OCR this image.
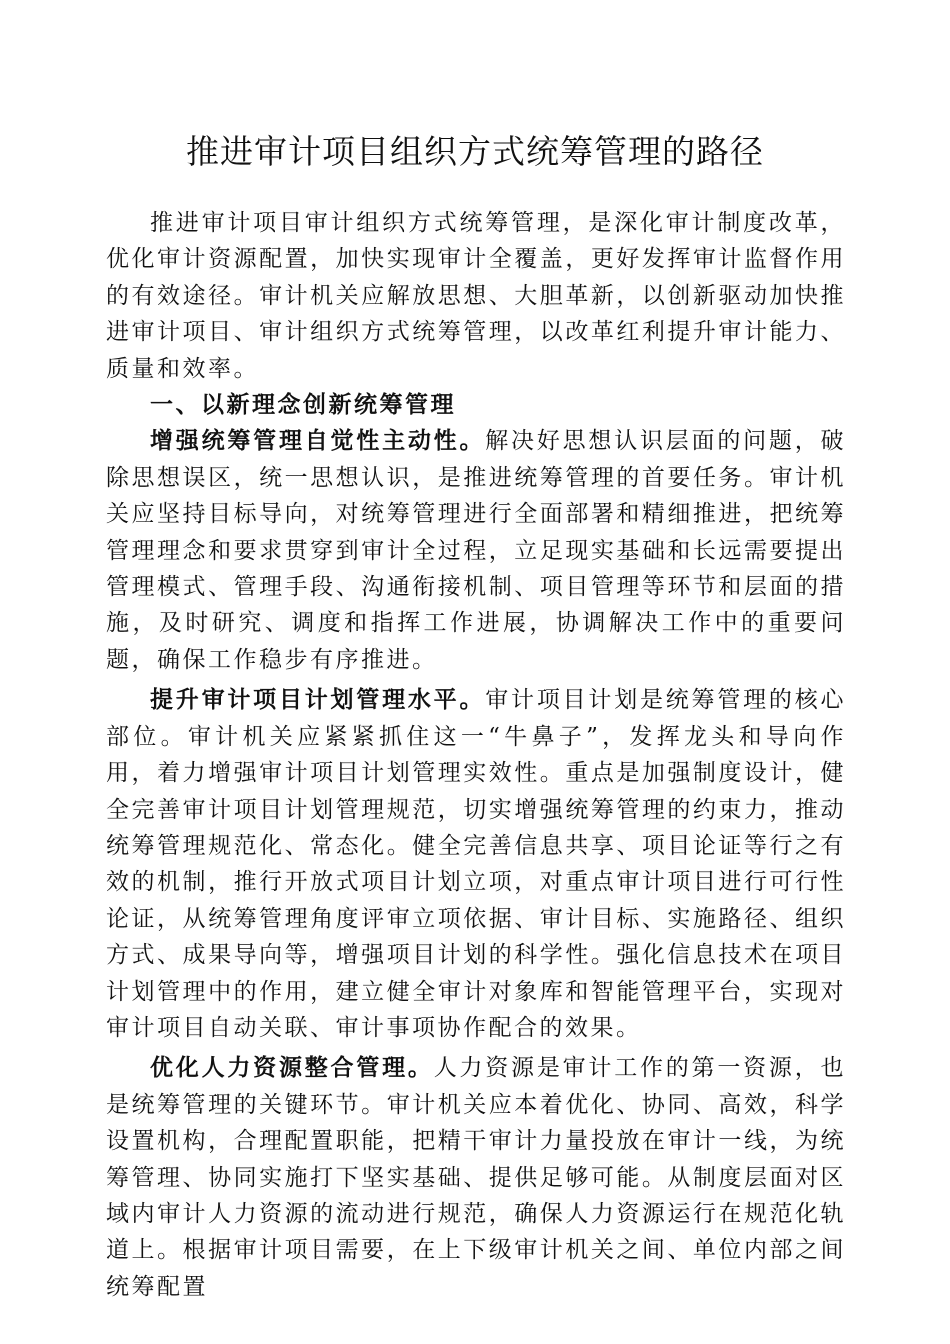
推进审计项目组织方式统筹管理的路径

推进审计项目审计组织方式统筹管理，是深化审计制度改革，优化审计资源配置，加快实现审计全覆盖，更好发挥审计监督作用的有效途径。审计机关应解放思想、大胆革新，以创新驱动加快推进审计项目、审计组织方式统筹管理，以改革红利提升审计能力、质量和效率。

一、以新理念创新统筹管理

增强统筹管理自觉性主动性。解决好思想认识层面的问题，破除思想误区，统一思想认识，是推进统筹管理的首要任务。审计机关应坚持目标导向，对统筹管理进行全面部署和精细推进，把统筹管理理念和要求贯穿到审计全过程，立足现实基础和长远需要提出管理模式、管理手段、沟通衔接机制、项目管理等环节和层面的措施，及时研究、调度和指挥工作进展，协调解决工作中的重要问题，确保工作稳步有序推进。

提升审计项目计划管理水平。审计项目计划是统筹管理的核心部位。审计机关应紧紧抓住这一“牛鼻子”，发挥龙头和导向作用，着力增强审计项目计划管理实效性。重点是加强制度设计，健全完善审计项目计划管理规范，切实增强统筹管理的约束力，推动统筹管理规范化、常态化。健全完善信息共享、项目论证等行之有效的机制，推行开放式项目计划立项，对重点审计项目进行可行性论证，从统筹管理角度评审立项依据、审计目标、实施路径、组织方式、成果导向等，增强项目计划的科学性。强化信息技术在项目计划管理中的作用，建立健全审计对象库和智能管理平台，实现对审计项目自动关联、审计事项协作配合的效果。

优化人力资源整合管理。人力资源是审计工作的第一资源，也是统筹管理的关键环节。审计机关应本着优化、协同、高效，科学设置机构，合理配置职能，把精干审计力量投放在审计一线，为统筹管理、协同实施打下坚实基础、提供足够可能。从制度层面对区域内审计人力资源的流动进行规范，确保人力资源运行在规范化轨道上。根据审计项目需要，在上下级审计机关之间、单位内部之间统筹配置
